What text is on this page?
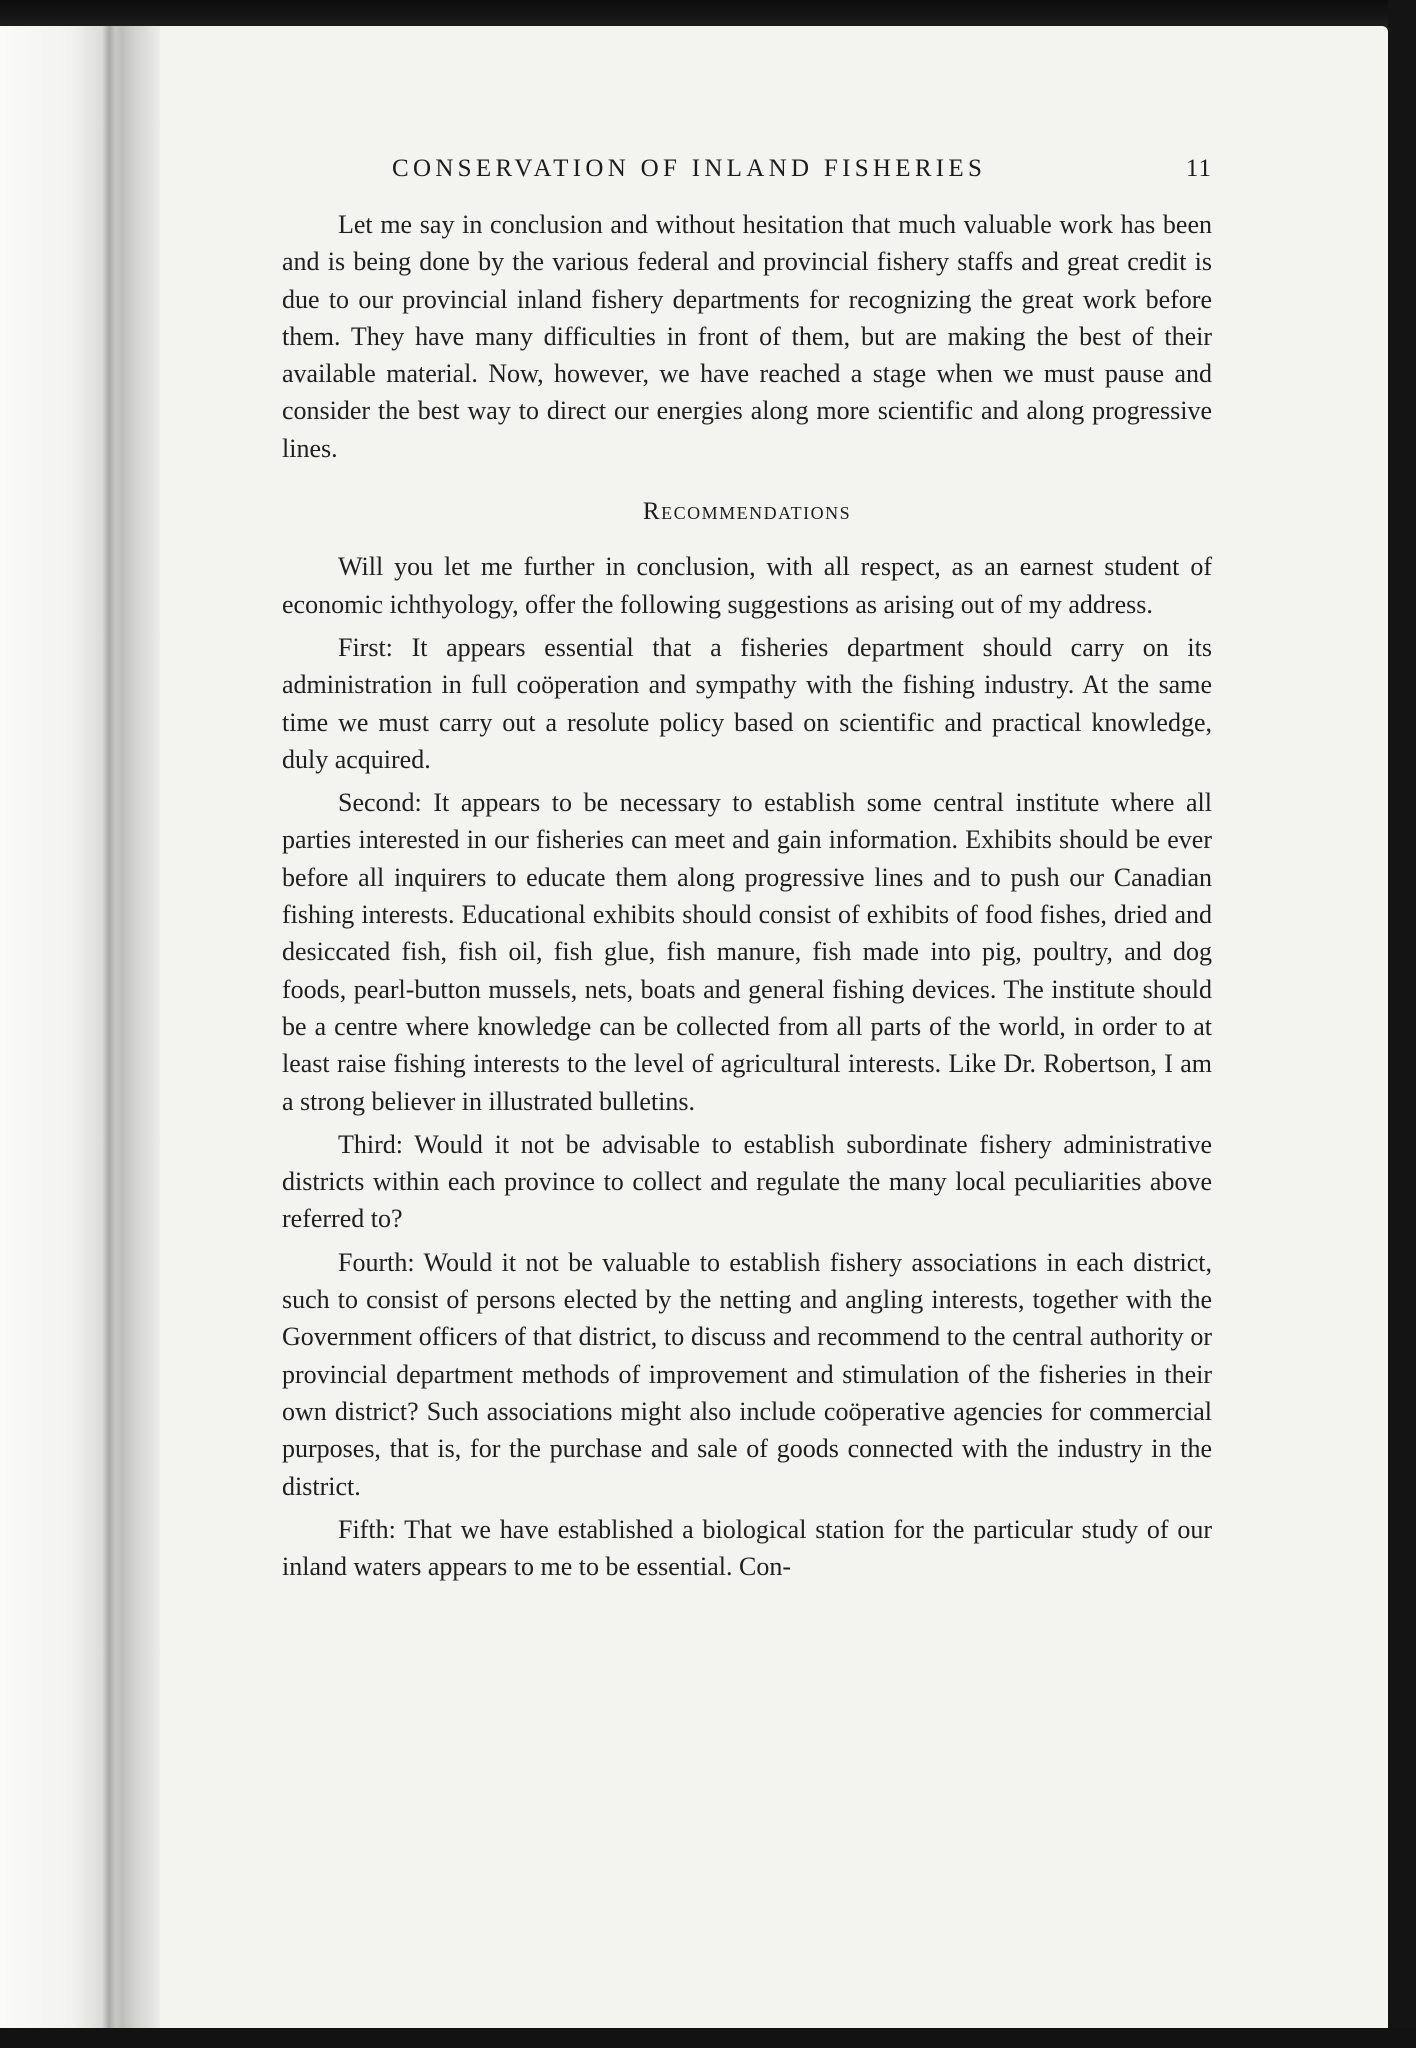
CONSERVATION OF INLAND FISHERIES	11

Let me say in conclusion and without hesitation that much valuable work has been and is being done by the various federal and provincial fishery staffs and great credit is due to our provincial inland fishery departments for recognizing the great work before them. They have many difficulties in front of them, but are making the best of their available material. Now, however, we have reached a stage when we must pause and consider the best way to direct our energies along more scientific and along progressive lines.

Recommendations

Will you let me further in conclusion, with all respect, as an earnest student of economic ichthyology, offer the following suggestions as arising out of my address.

First: It appears essential that a fisheries department should carry on its administration in full coöperation and sympathy with the fishing industry. At the same time we must carry out a resolute policy based on scientific and practical knowledge, duly acquired.

Second: It appears to be necessary to establish some central institute where all parties interested in our fisheries can meet and gain information. Exhibits should be ever before all inquirers to educate them along progressive lines and to push our Canadian fishing interests. Educational exhibits should consist of exhibits of food fishes, dried and desiccated fish, fish oil, fish glue, fish manure, fish made into pig, poultry, and dog foods, pearl-button mussels, nets, boats and general fishing devices. The institute should be a centre where knowledge can be collected from all parts of the world, in order to at least raise fishing interests to the level of agricultural interests. Like Dr. Robertson, I am a strong believer in illustrated bulletins.

Third: Would it not be advisable to establish subordinate fishery administrative districts within each province to collect and regulate the many local peculiarities above referred to?

Fourth: Would it not be valuable to establish fishery associations in each district, such to consist of persons elected by the netting and angling interests, together with the Government officers of that district, to discuss and recommend to the central authority or provincial department methods of improvement and stimulation of the fisheries in their own district? Such associations might also include coöperative agencies for commercial purposes, that is, for the purchase and sale of goods connected with the industry in the district.

Fifth: That we have established a biological station for the particular study of our inland waters appears to me to be essential. Con-
